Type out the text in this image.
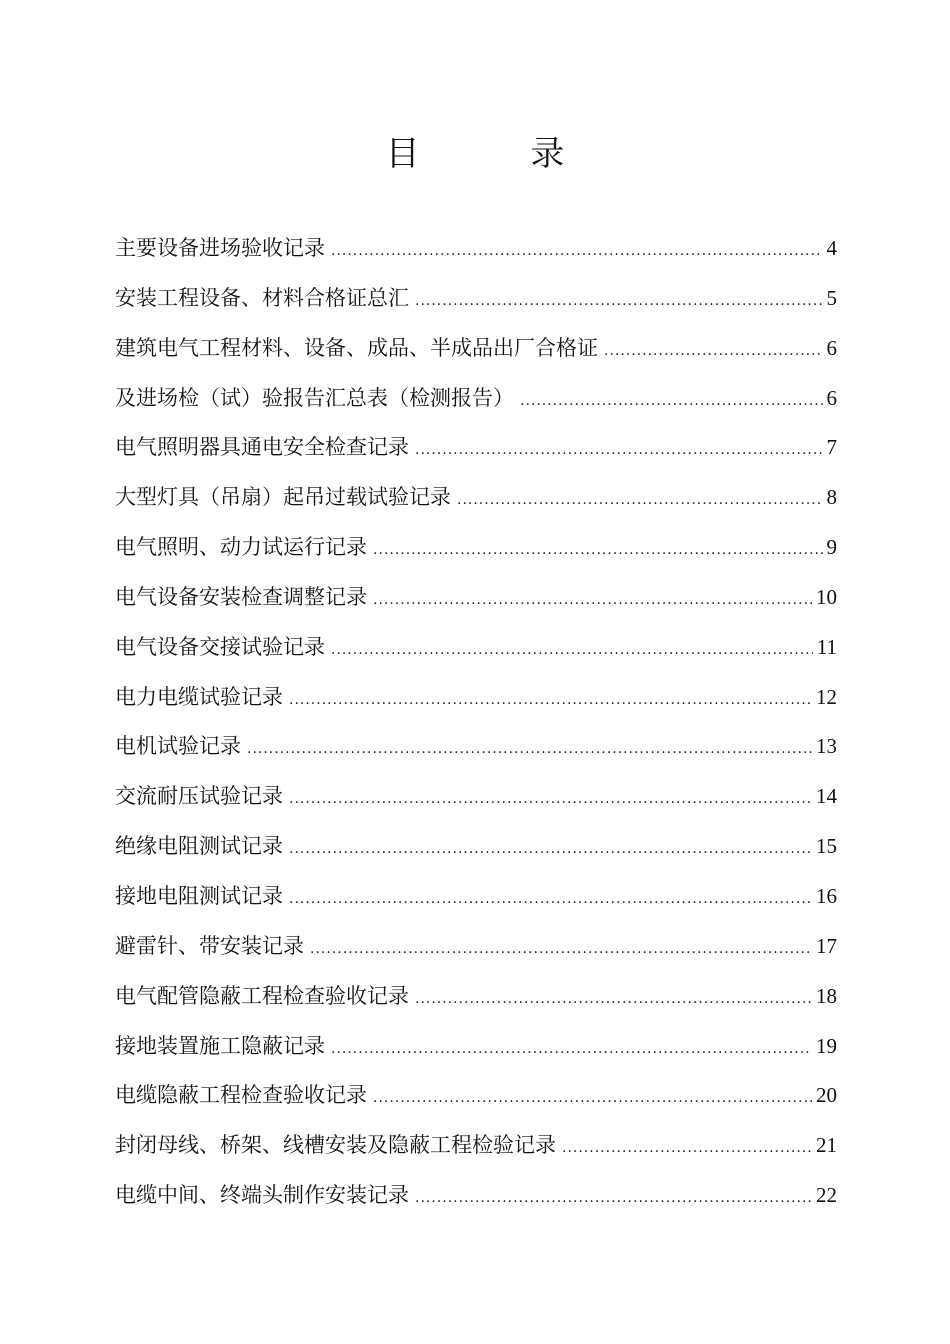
目 录
主要设备进场验收记录 .....	4
安装工程设备、材料合格证总汇 .....	5
建筑电气工程材料、设备、成品、半成品出厂合格证 .....	6
及进场检（试）验报告汇总表（检测报告） .....	6
电气照明器具通电安全检查记录 .....	7
大型灯具（吊扇）起吊过载试验记录 .....	8
电气照明、动力试运行记录 .....	9
电气设备安装检查调整记录 .....	10
电气设备交接试验记录 .....	11
电力电缆试验记录 .....	12
电机试验记录 .....	13
交流耐压试验记录 .....	14
绝缘电阻测试记录 .....	15
接地电阻测试记录 .....	16
避雷针、带安装记录 .....	17
电气配管隐蔽工程检查验收记录 .....	18
接地装置施工隐蔽记录 .....	19
电缆隐蔽工程检查验收记录 .....	20
封闭母线、桥架、线槽安装及隐蔽工程检验记录 .....	21
电缆中间、终端头制作安装记录 .....	22
